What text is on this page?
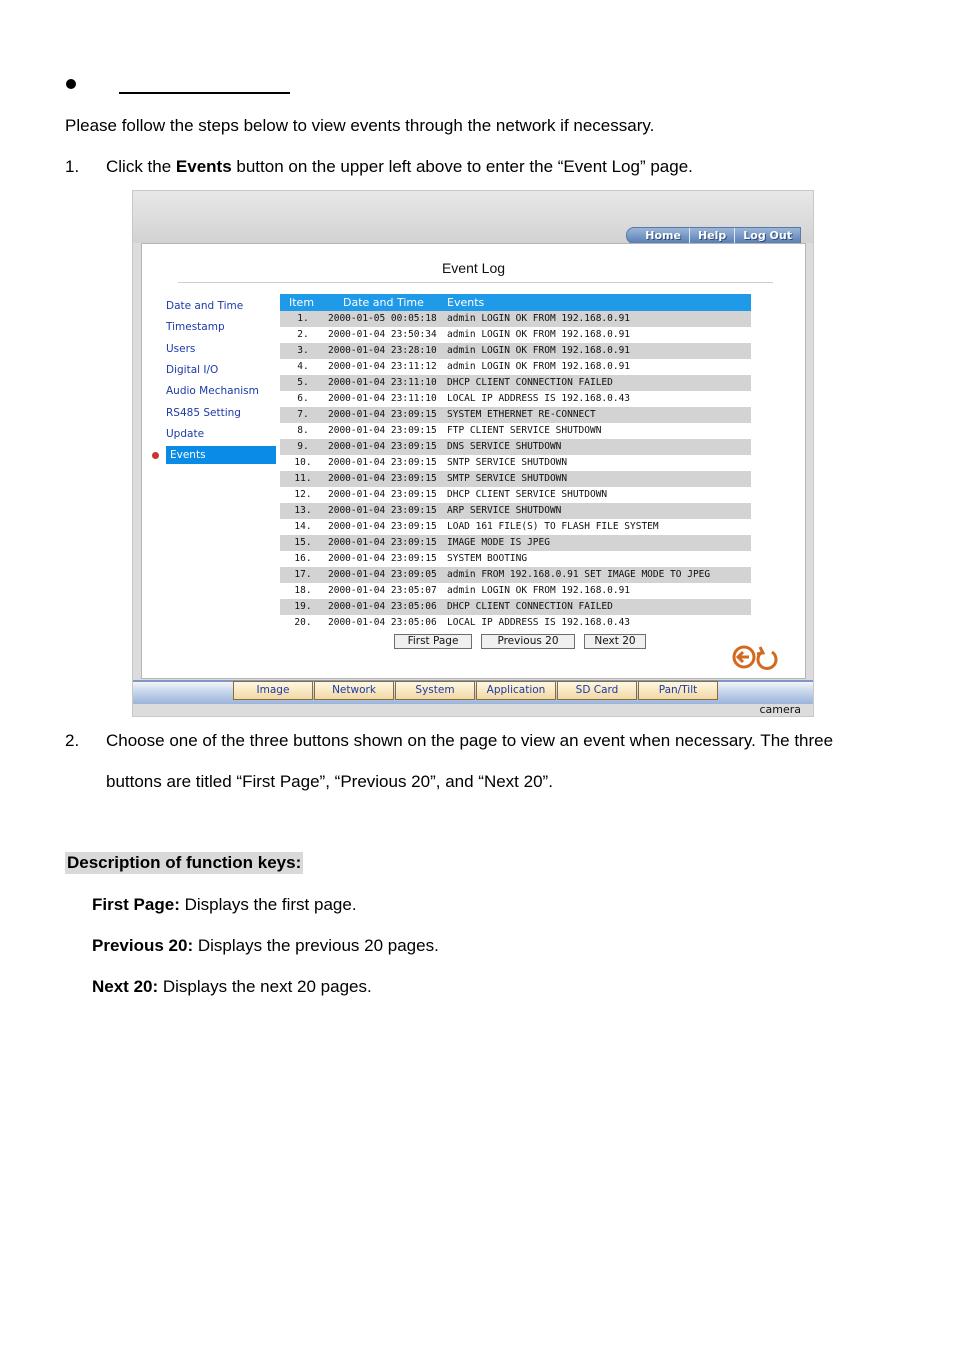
Please follow the steps below to view events through the network if necessary.
1. Click the Events button on the upper left above to enter the “Event Log” page.
Home	Help	Log Out
Event Log
Date and Time
Timestamp
Users
Digital I/O
Audio Mechanism
RS485 Setting
Update
Events
Item	Date and Time Events
1.	2000-01-05 00:05:18 admin LOGIN OK FROM 192.168.0.91
2.	2000-01-04 23:50:34 admin LOGIN OK FROM 192.168.0.91
3.	2000-01-04 23:28:10 admin LOGIN OK FROM 192.168.0.91
4.	2000-01-04 23:11:12 admin LOGIN OK FROM 192.168.0.91
5.	2000-01-04 23:11:10 DHCP CLIENT CONNECTION FAILED
6.	2000-01-04 23:11:10 LOCAL IP ADDRESS IS 192.168.0.43
7.	2000-01-04 23:09:15 SYSTEM ETHERNET RE-CONNECT
8.	2000-01-04 23:09:15 FTP CLIENT SERVICE SHUTDOWN
9.	2000-01-04 23:09:15 DNS SERVICE SHUTDOWN
10.	2000-01-04 23:09:15 SNTP SERVICE SHUTDOWN
11.	2000-01-04 23:09:15 SMTP SERVICE SHUTDOWN
12.	2000-01-04 23:09:15 DHCP CLIENT SERVICE SHUTDOWN
13.	2000-01-04 23:09:15 ARP SERVICE SHUTDOWN
14.	2000-01-04 23:09:15 LOAD 161 FILE(S) TO FLASH FILE SYSTEM
15.	2000-01-04 23:09:15 IMAGE MODE IS JPEG
16.	2000-01-04 23:09:15 SYSTEM BOOTING
17.	2000-01-04 23:09:05 admin FROM 192.168.0.91 SET IMAGE MODE TO JPEG
18.	2000-01-04 23:05:07 admin LOGIN OK FROM 192.168.0.91
19.	2000-01-04 23:05:06 DHCP CLIENT CONNECTION FAILED
20.	2000-01-04 23:05:06 LOCAL IP ADDRESS IS 192.168.0.43
First Page	Previous 20	Next 20
Image	Network	System	Application	SD Card	Pan/Tilt
camera
2. Choose one of the three buttons shown on the page to view an event when necessary. The three
buttons are titled “First Page”, “Previous 20”, and “Next 20”.
Description of function keys:
First Page: Displays the first page.
Previous 20: Displays the previous 20 pages.
Next 20: Displays the next 20 pages.
